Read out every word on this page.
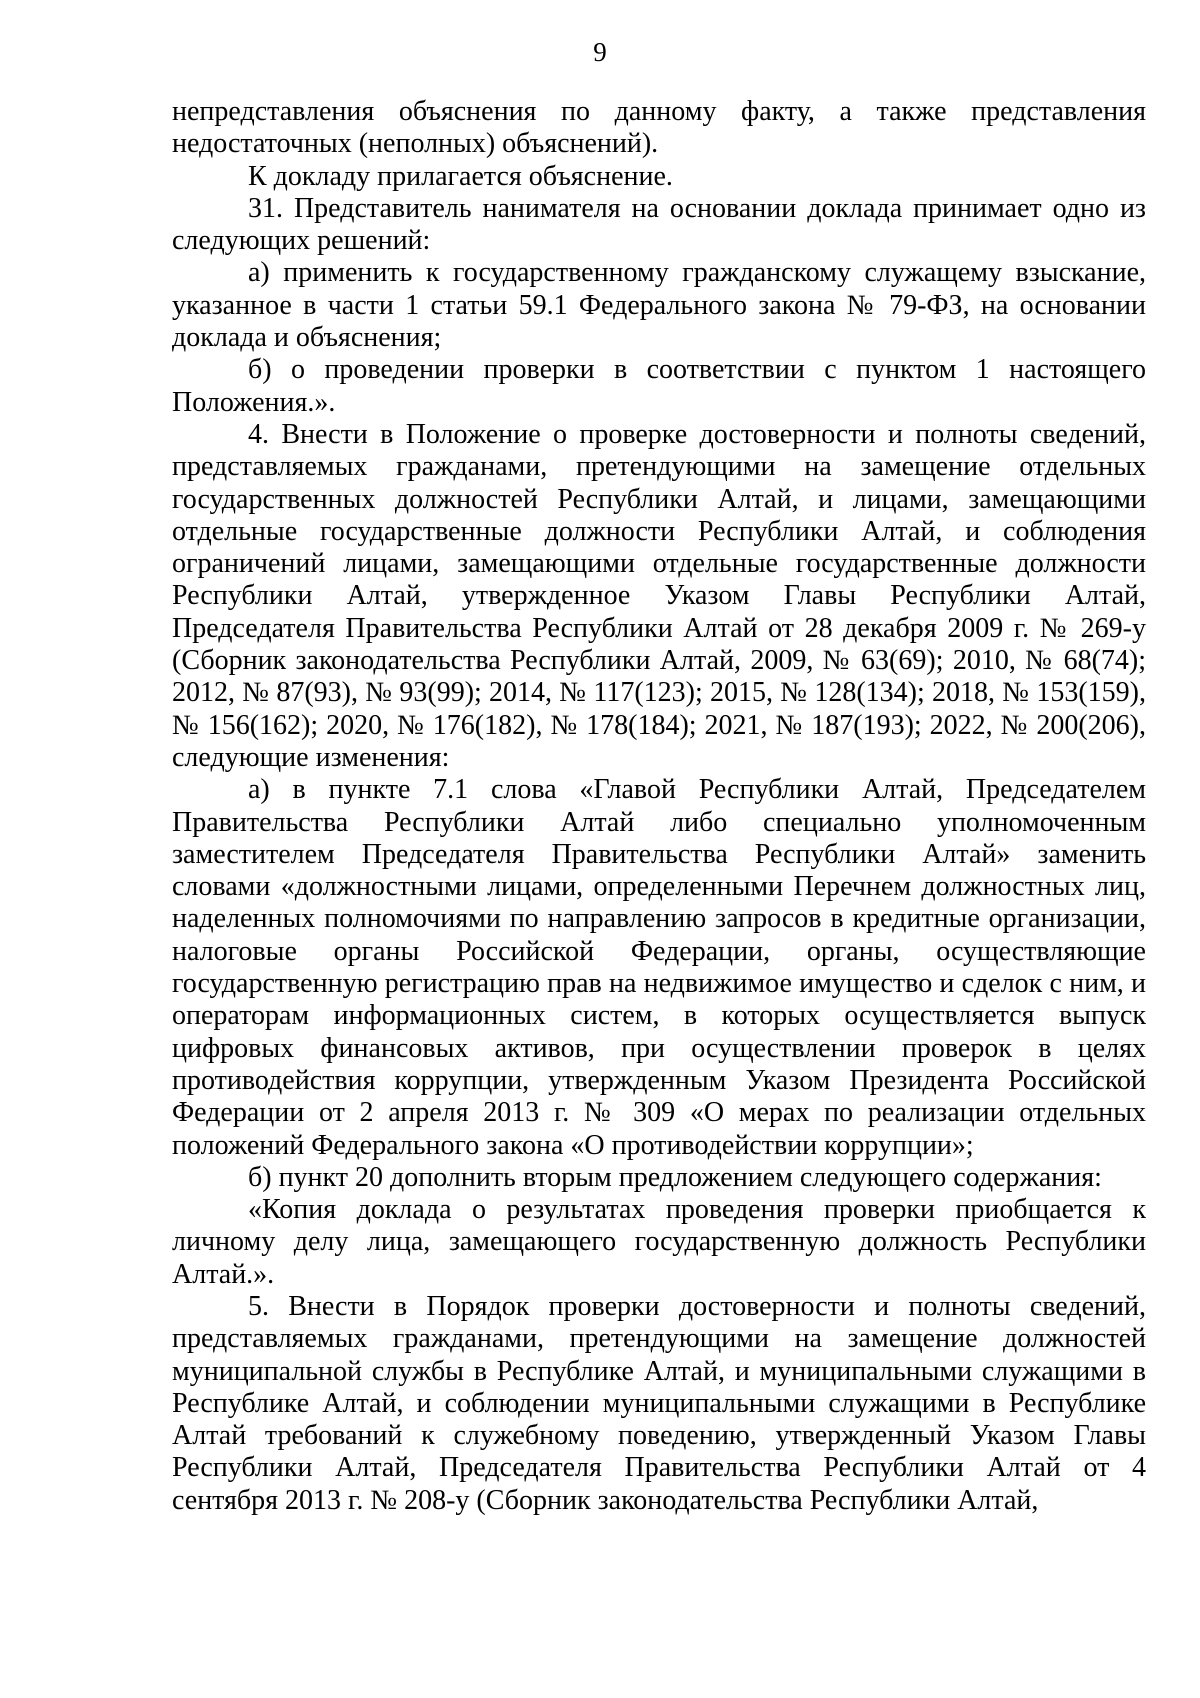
9

непредставления объяснения по данному факту, а также представления недостаточных (неполных) объяснений).

К докладу прилагается объяснение.

31. Представитель нанимателя на основании доклада принимает одно из следующих решений:

а) применить к государственному гражданскому служащему взыскание, указанное в части 1 статьи 59.1 Федерального закона № 79-ФЗ, на основании доклада и объяснения;

б) о проведении проверки в соответствии с пунктом 1 настоящего Положения.».

4. Внести в Положение о проверке достоверности и полноты сведений, представляемых гражданами, претендующими на замещение отдельных государственных должностей Республики Алтай, и лицами, замещающими отдельные государственные должности Республики Алтай, и соблюдения ограничений лицами, замещающими отдельные государственные должности Республики Алтай, утвержденное Указом Главы Республики Алтай, Председателя Правительства Республики Алтай от 28 декабря 2009 г. № 269-у (Сборник законодательства Республики Алтай, 2009, № 63(69); 2010, № 68(74); 2012, № 87(93), № 93(99); 2014, № 117(123); 2015, № 128(134); 2018, № 153(159), № 156(162); 2020, № 176(182), № 178(184); 2021, № 187(193); 2022, № 200(206), следующие изменения:

а) в пункте 7.1 слова «Главой Республики Алтай, Председателем Правительства Республики Алтай либо специально уполномоченным заместителем Председателя Правительства Республики Алтай» заменить словами «должностными лицами, определенными Перечнем должностных лиц, наделенных полномочиями по направлению запросов в кредитные организации, налоговые органы Российской Федерации, органы, осуществляющие государственную регистрацию прав на недвижимое имущество и сделок с ним, и операторам информационных систем, в которых осуществляется выпуск цифровых финансовых активов, при осуществлении проверок в целях противодействия коррупции, утвержденным Указом Президента Российской Федерации от 2 апреля 2013 г. № 309 «О мерах по реализации отдельных положений Федерального закона «О противодействии коррупции»;

б) пункт 20 дополнить вторым предложением следующего содержания:

«Копия доклада о результатах проведения проверки приобщается к личному делу лица, замещающего государственную должность Республики Алтай.».

5. Внести в Порядок проверки достоверности и полноты сведений, представляемых гражданами, претендующими на замещение должностей муниципальной службы в Республике Алтай, и муниципальными служащими в Республике Алтай, и соблюдении муниципальными служащими в Республике Алтай требований к служебному поведению, утвержденный Указом Главы Республики Алтай, Председателя Правительства Республики Алтай от 4 сентября 2013 г. № 208-у (Сборник законодательства Республики Алтай,
